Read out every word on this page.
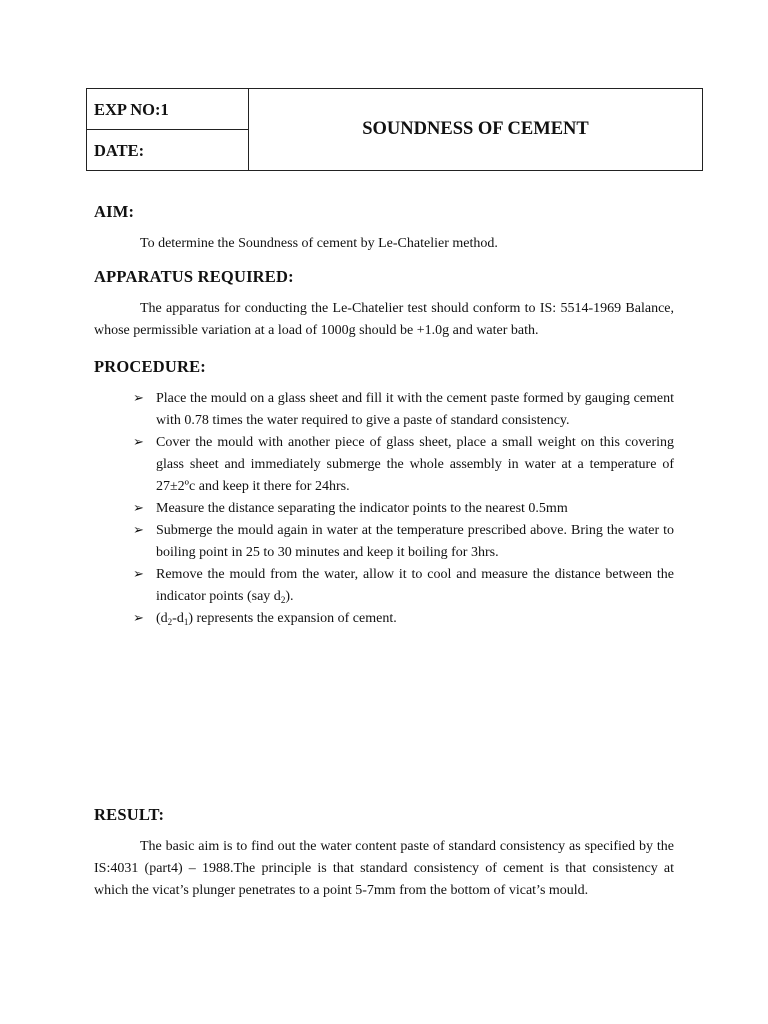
EXP NO:1
DATE:
SOUNDNESS OF CEMENT
AIM:
To determine the Soundness of cement by Le-Chatelier method.
APPARATUS REQUIRED:
The apparatus for conducting the Le-Chatelier test should conform to IS: 5514-1969 Balance, whose permissible variation at a load of 1000g should be +1.0g and water bath.
PROCEDURE:
➢ Place the mould on a glass sheet and fill it with the cement paste formed by gauging cement with 0.78 times the water required to give a paste of standard consistency.
➢ Cover the mould with another piece of glass sheet, place a small weight on this covering glass sheet and immediately submerge the whole assembly in water at a temperature of 27±2ºc and keep it there for 24hrs.
➢ Measure the distance separating the indicator points to the nearest 0.5mm
➢ Submerge the mould again in water at the temperature prescribed above. Bring the water to boiling point in 25 to 30 minutes and keep it boiling for 3hrs.
➢ Remove the mould from the water, allow it to cool and measure the distance between the indicator points (say $d_2$).
➢ $(d_2-d_1)$ represents the expansion of cement.
RESULT:
The basic aim is to find out the water content paste of standard consistency as specified by the IS:4031 (part4) – 1988.The principle is that standard consistency of cement is that consistency at which the vicat’s plunger penetrates to a point 5-7mm from the bottom of vicat’s mould.
